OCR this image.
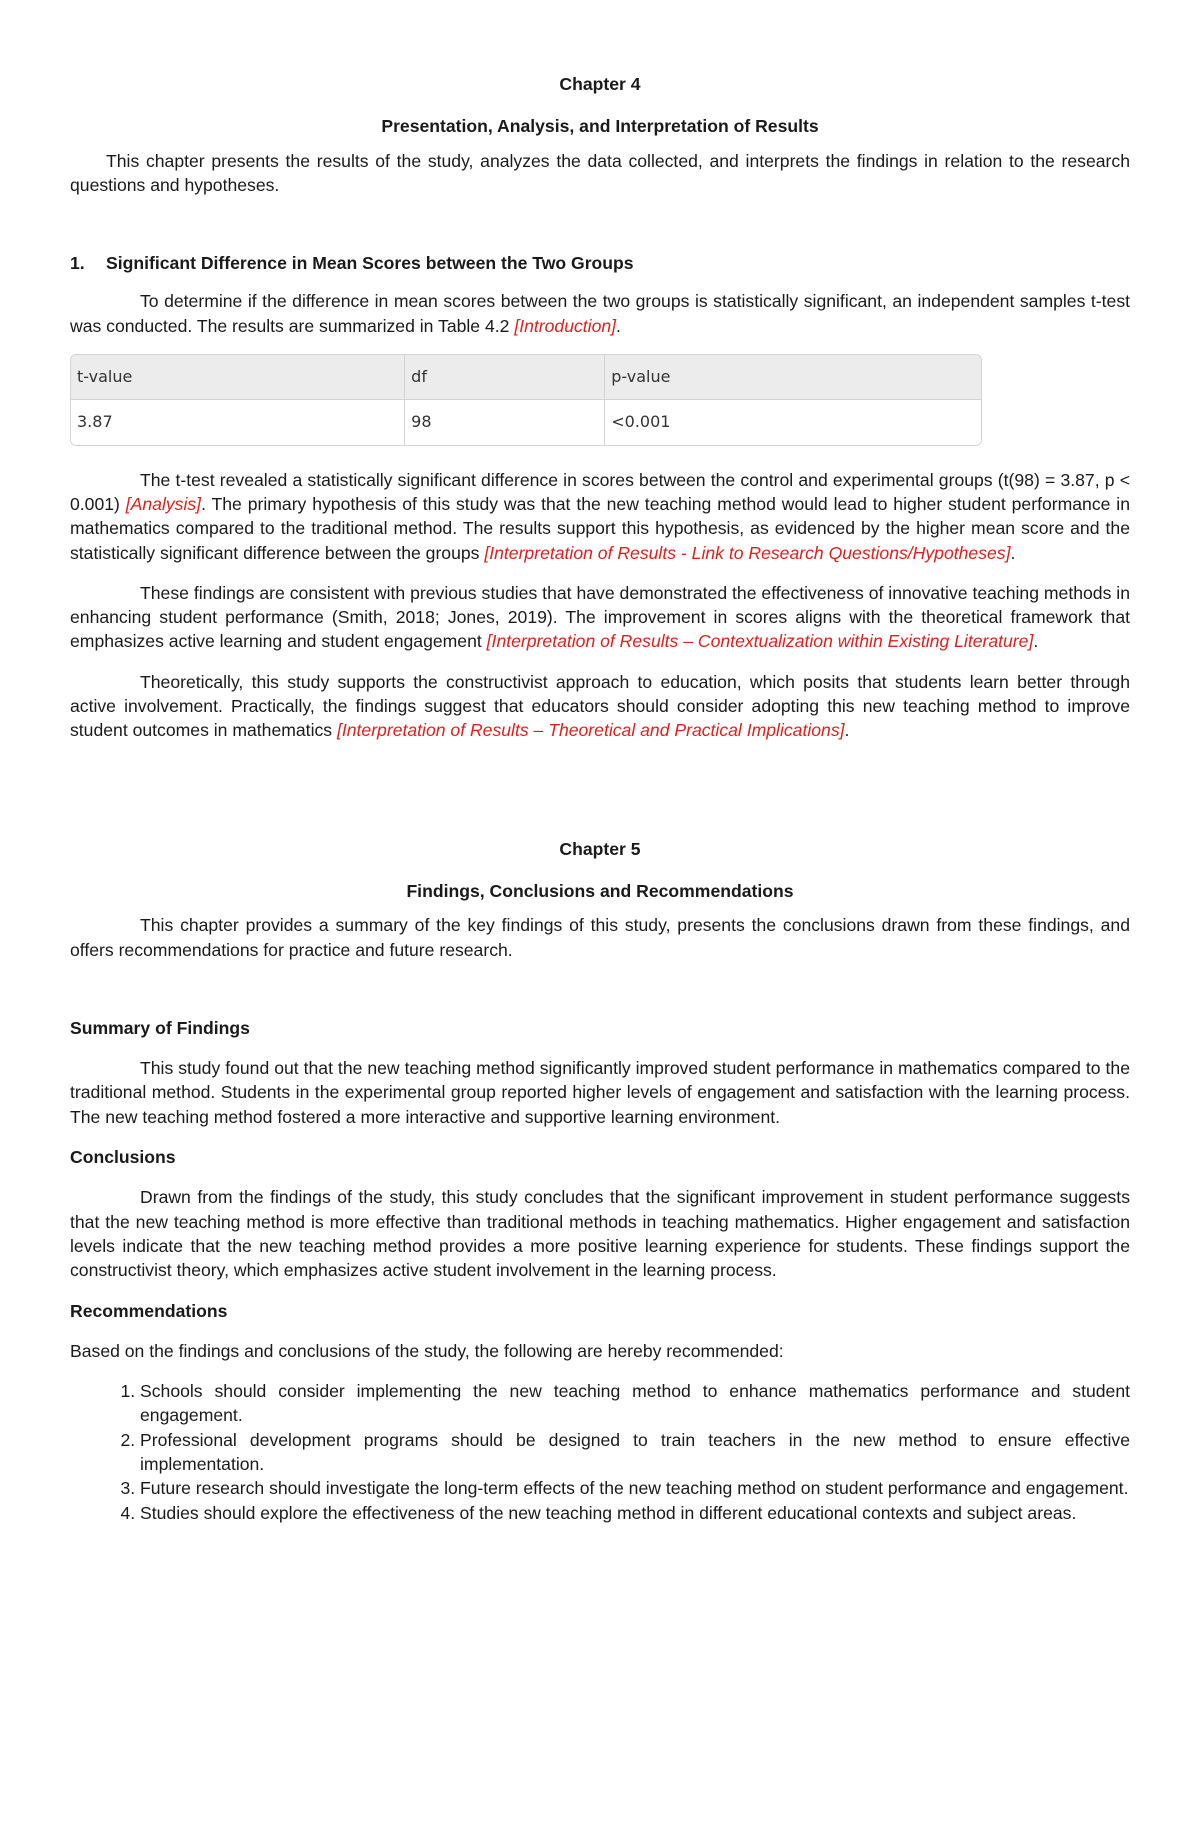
Chapter 4

Presentation, Analysis, and Interpretation of Results

This chapter presents the results of the study, analyzes the data collected, and interprets the findings in relation to the research questions and hypotheses.

1. Significant Difference in Mean Scores between the Two Groups

To determine if the difference in mean scores between the two groups is statistically significant, an independent samples t-test was conducted. The results are summarized in Table 4.2 [Introduction].

t-value	df	p-value
3.87	98	<0.001

The t-test revealed a statistically significant difference in scores between the control and experimental groups (t(98) = 3.87, p < 0.001) [Analysis]. The primary hypothesis of this study was that the new teaching method would lead to higher student performance in mathematics compared to the traditional method. The results support this hypothesis, as evidenced by the higher mean score and the statistically significant difference between the groups [Interpretation of Results - Link to Research Questions/Hypotheses].

These findings are consistent with previous studies that have demonstrated the effectiveness of innovative teaching methods in enhancing student performance (Smith, 2018; Jones, 2019). The improvement in scores aligns with the theoretical framework that emphasizes active learning and student engagement [Interpretation of Results – Contextualization within Existing Literature].

Theoretically, this study supports the constructivist approach to education, which posits that students learn better through active involvement. Practically, the findings suggest that educators should consider adopting this new teaching method to improve student outcomes in mathematics [Interpretation of Results – Theoretical and Practical Implications].

Chapter 5

Findings, Conclusions and Recommendations

This chapter provides a summary of the key findings of this study, presents the conclusions drawn from these findings, and offers recommendations for practice and future research.

Summary of Findings

This study found out that the new teaching method significantly improved student performance in mathematics compared to the traditional method. Students in the experimental group reported higher levels of engagement and satisfaction with the learning process. The new teaching method fostered a more interactive and supportive learning environment.

Conclusions

Drawn from the findings of the study, this study concludes that the significant improvement in student performance suggests that the new teaching method is more effective than traditional methods in teaching mathematics. Higher engagement and satisfaction levels indicate that the new teaching method provides a more positive learning experience for students. These findings support the constructivist theory, which emphasizes active student involvement in the learning process.

Recommendations

Based on the findings and conclusions of the study, the following are hereby recommended:

1. Schools should consider implementing the new teaching method to enhance mathematics performance and student engagement.
2. Professional development programs should be designed to train teachers in the new method to ensure effective implementation.
3. Future research should investigate the long-term effects of the new teaching method on student performance and engagement.
4. Studies should explore the effectiveness of the new teaching method in different educational contexts and subject areas.
